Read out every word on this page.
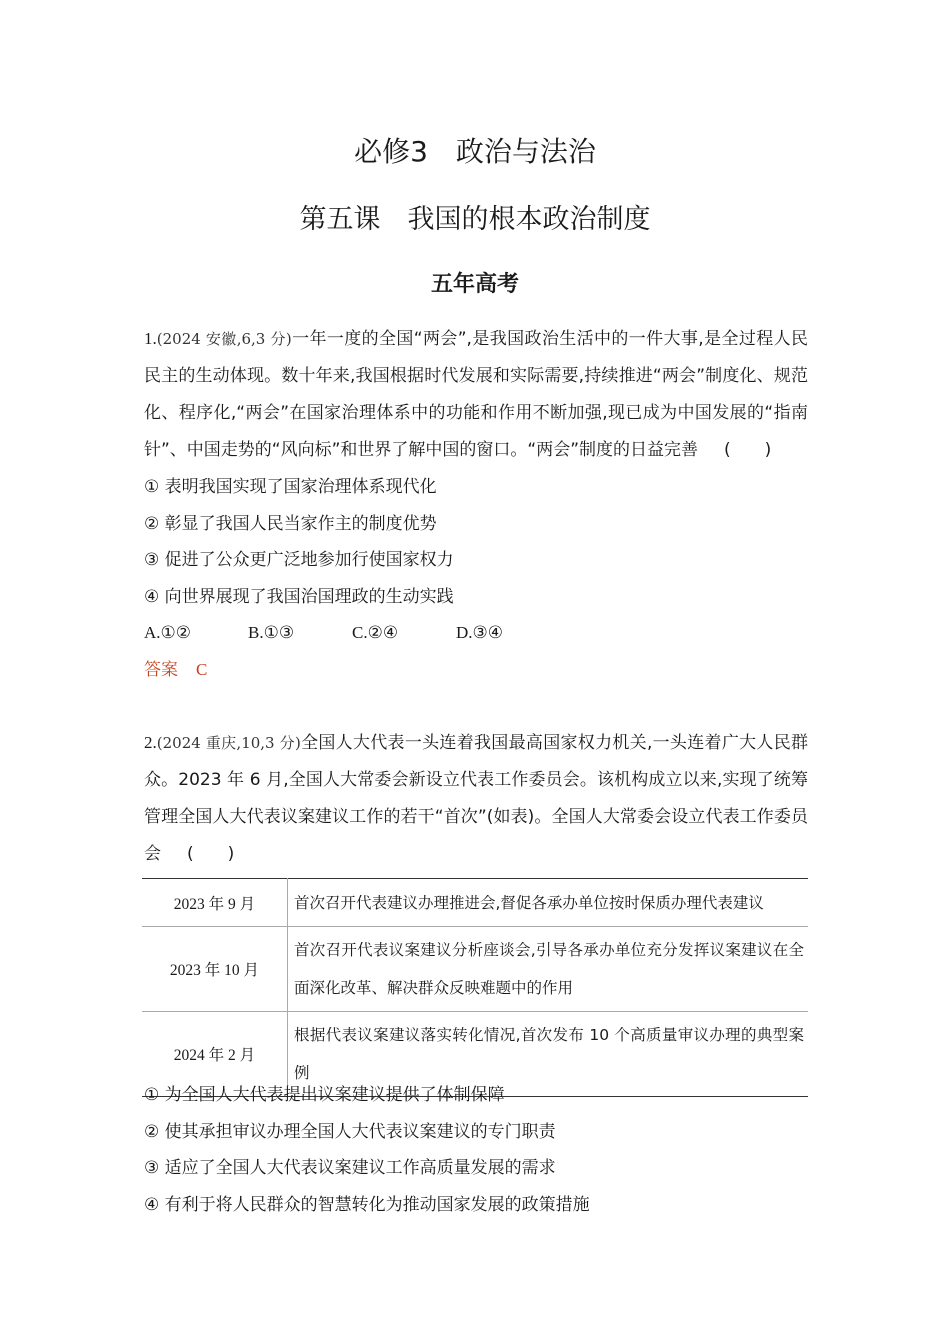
必修3　政治与法治
第五课　我国的根本政治制度
五年高考

1.(2024 安徽,6,3 分)一年一度的全国“两会”,是我国政治生活中的一件大事,是全过程人民民主的生动体现。数十年来,我国根据时代发展和实际需要,持续推进“两会”制度化、规范化、程序化,“两会”在国家治理体系中的功能和作用不断加强,现已成为中国发展的“指南针”、中国走势的“风向标”和世界了解中国的窗口。“两会”制度的日益完善 (　　)

① 表明我国实现了国家治理体系现代化
② 彰显了我国人民当家作主的制度优势
③ 促进了公众更广泛地参加行使国家权力
④ 向世界展现了我国治国理政的生动实践
A.①②	B.①③	C.②④	D.③④
答案 C

2.(2024 重庆,10,3 分)全国人大代表一头连着我国最高国家权力机关,一头连着广大人民群众。2023 年 6 月,全国人大常委会新设立代表工作委员会。该机构成立以来,实现了统筹管理全国人大代表议案建议工作的若干“首次”(如表)。全国人大常委会设立代表工作委员会 (　　)

2023 年 9 月	首次召开代表建议办理推进会,督促各承办单位按时保质办理代表建议
2023 年 10 月	首次召开代表议案建议分析座谈会,引导各承办单位充分发挥议案建议在全面深化改革、解决群众反映难题中的作用
2024 年 2 月	根据代表议案建议落实转化情况,首次发布 10 个高质量审议办理的典型案例
① 为全国人大代表提出议案建议提供了体制保障
② 使其承担审议办理全国人大代表议案建议的专门职责
③ 适应了全国人大代表议案建议工作高质量发展的需求
④ 有利于将人民群众的智慧转化为推动国家发展的政策措施
